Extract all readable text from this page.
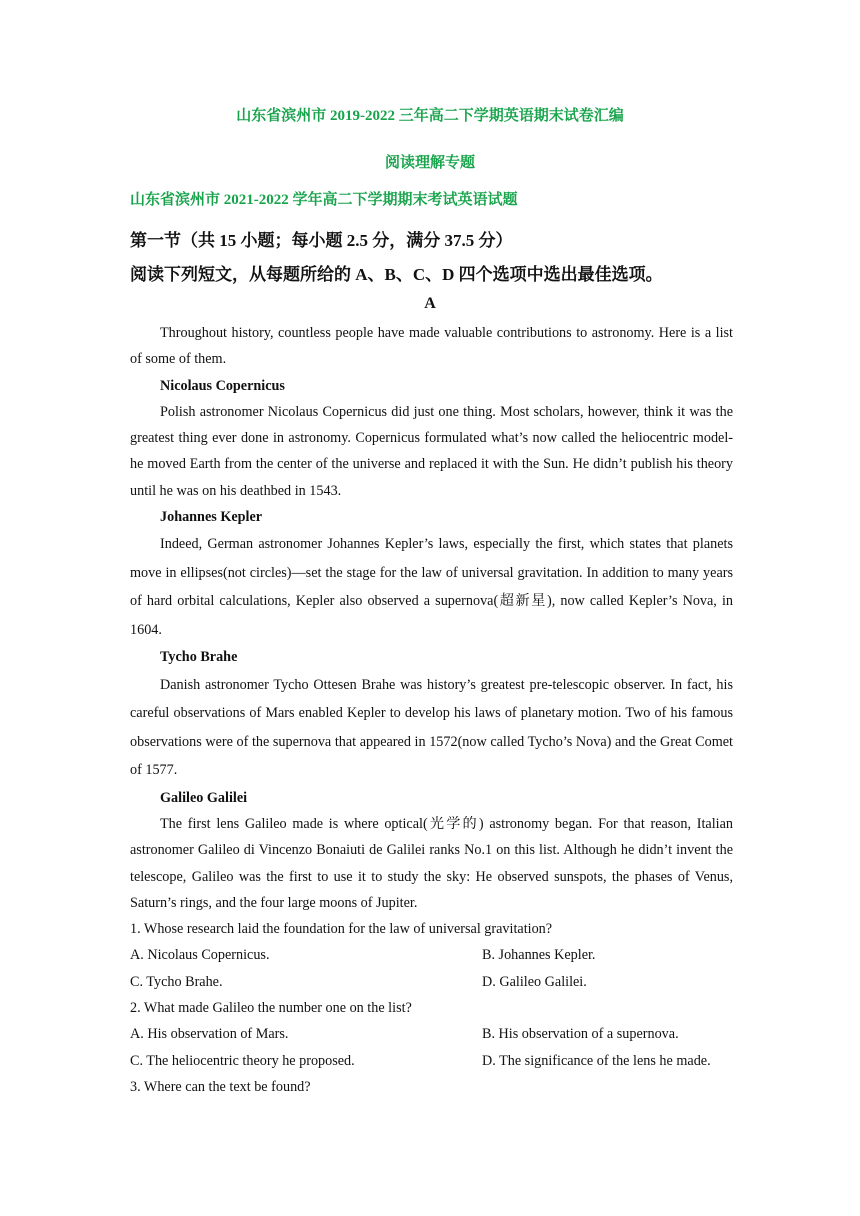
山东省滨州市 2019-2022 三年高二下学期英语期末试卷汇编
阅读理解专题
山东省滨州市 2021-2022 学年高二下学期期末考试英语试题
第一节（共 15 小题；每小题 2.5 分，满分 37.5 分）
阅读下列短文，从每题所给的 A、B、C、D 四个选项中选出最佳选项。
A

Throughout history, countless people have made valuable contributions to astronomy. Here is a list of some of them.

Nicolaus Copernicus

Polish astronomer Nicolaus Copernicus did just one thing. Most scholars, however, think it was the greatest thing ever done in astronomy. Copernicus formulated what’s now called the heliocentric model-he moved Earth from the center of the universe and replaced it with the Sun. He didn’t publish his theory until he was on his deathbed in 1543.

Johannes Kepler

Indeed, German astronomer Johannes Kepler’s laws, especially the first, which states that planets move in ellipses(not circles)—set the stage for the law of universal gravitation. In addition to many years of hard orbital calculations, Kepler also observed a supernova(超新星), now called Kepler’s Nova, in 1604.

Tycho Brahe

Danish astronomer Tycho Ottesen Brahe was history’s greatest pre-telescopic observer. In fact, his careful observations of Mars enabled Kepler to develop his laws of planetary motion. Two of his famous observations were of the supernova that appeared in 1572(now called Tycho’s Nova) and the Great Comet of 1577.

Galileo Galilei

The first lens Galileo made is where optical(光学的) astronomy began. For that reason, Italian astronomer Galileo di Vincenzo Bonaiuti de Galilei ranks No.1 on this list. Although he didn’t invent the telescope, Galileo was the first to use it to study the sky: He observed sunspots, the phases of Venus, Saturn’s rings, and the four large moons of Jupiter.

1. Whose research laid the foundation for the law of universal gravitation?

A. Nicolaus Copernicus.	B. Johannes Kepler.
C. Tycho Brahe.	D. Galileo Galilei.

2. What made Galileo the number one on the list?

A. His observation of Mars.	B. His observation of a supernova.
C. The heliocentric theory he proposed.	D. The significance of the lens he made.

3. Where can the text be found?
